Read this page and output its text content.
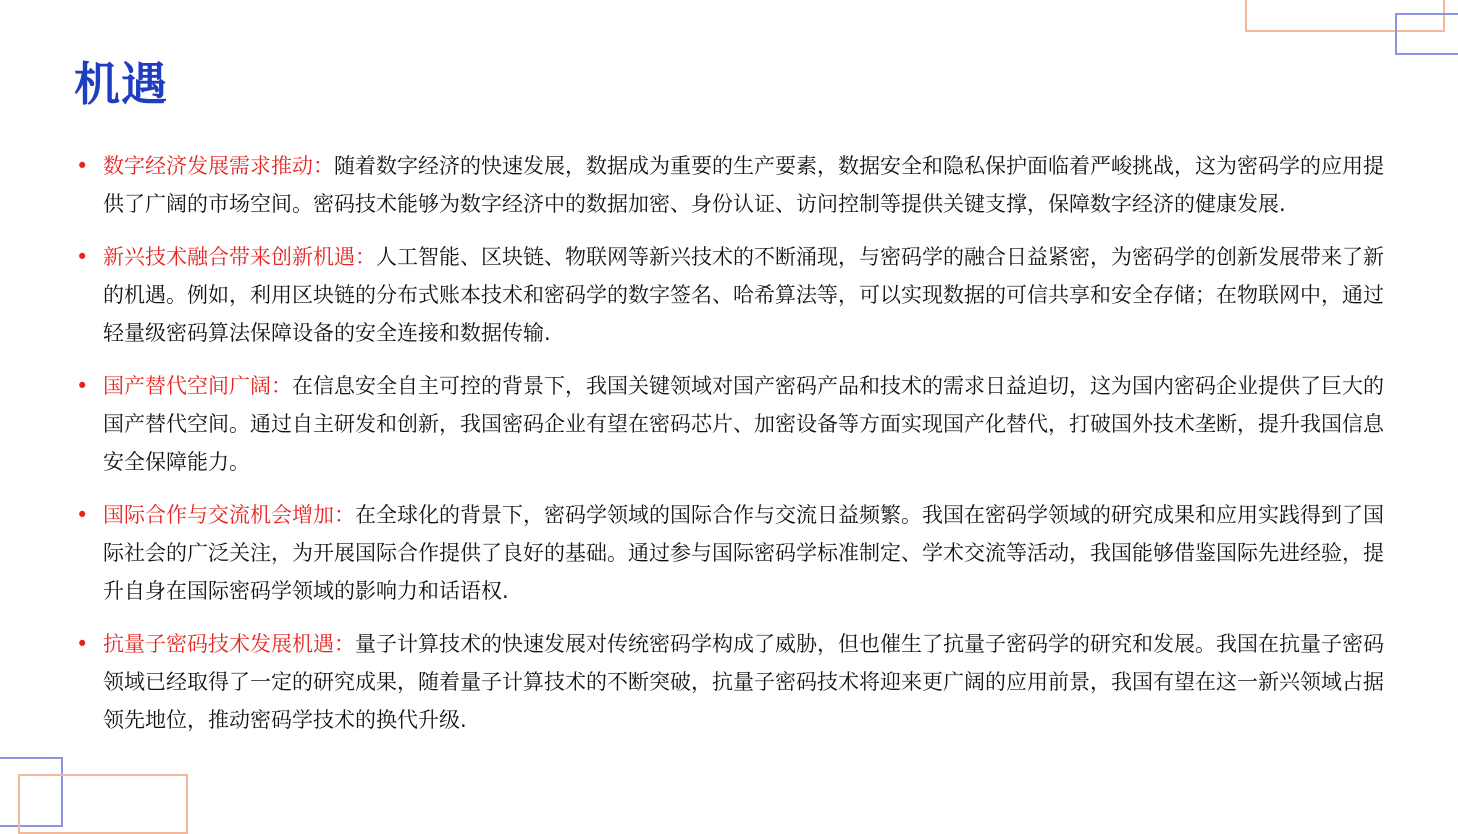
机遇
• 数字经济发展需求推动：随着数字经济的快速发展，数据成为重要的生产要素，数据安全和隐私保护面临着严峻挑战，这为密码学的应用提供了广阔的市场空间。密码技术能够为数字经济中的数据加密、身份认证、访问控制等提供关键支撑，保障数字经济的健康发展.
• 新兴技术融合带来创新机遇：人工智能、区块链、物联网等新兴技术的不断涌现，与密码学的融合日益紧密，为密码学的创新发展带来了新的机遇。例如，利用区块链的分布式账本技术和密码学的数字签名、哈希算法等，可以实现数据的可信共享和安全存储；在物联网中，通过轻量级密码算法保障设备的安全连接和数据传输.
• 国产替代空间广阔：在信息安全自主可控的背景下，我国关键领域对国产密码产品和技术的需求日益迫切，这为国内密码企业提供了巨大的国产替代空间。通过自主研发和创新，我国密码企业有望在密码芯片、加密设备等方面实现国产化替代，打破国外技术垄断，提升我国信息安全保障能力。
• 国际合作与交流机会增加：在全球化的背景下，密码学领域的国际合作与交流日益频繁。我国在密码学领域的研究成果和应用实践得到了国际社会的广泛关注，为开展国际合作提供了良好的基础。通过参与国际密码学标准制定、学术交流等活动，我国能够借鉴国际先进经验，提升自身在国际密码学领域的影响力和话语权.
• 抗量子密码技术发展机遇：量子计算技术的快速发展对传统密码学构成了威胁，但也催生了抗量子密码学的研究和发展。我国在抗量子密码领域已经取得了一定的研究成果，随着量子计算技术的不断突破，抗量子密码技术将迎来更广阔的应用前景，我国有望在这一新兴领域占据领先地位，推动密码学技术的换代升级.
